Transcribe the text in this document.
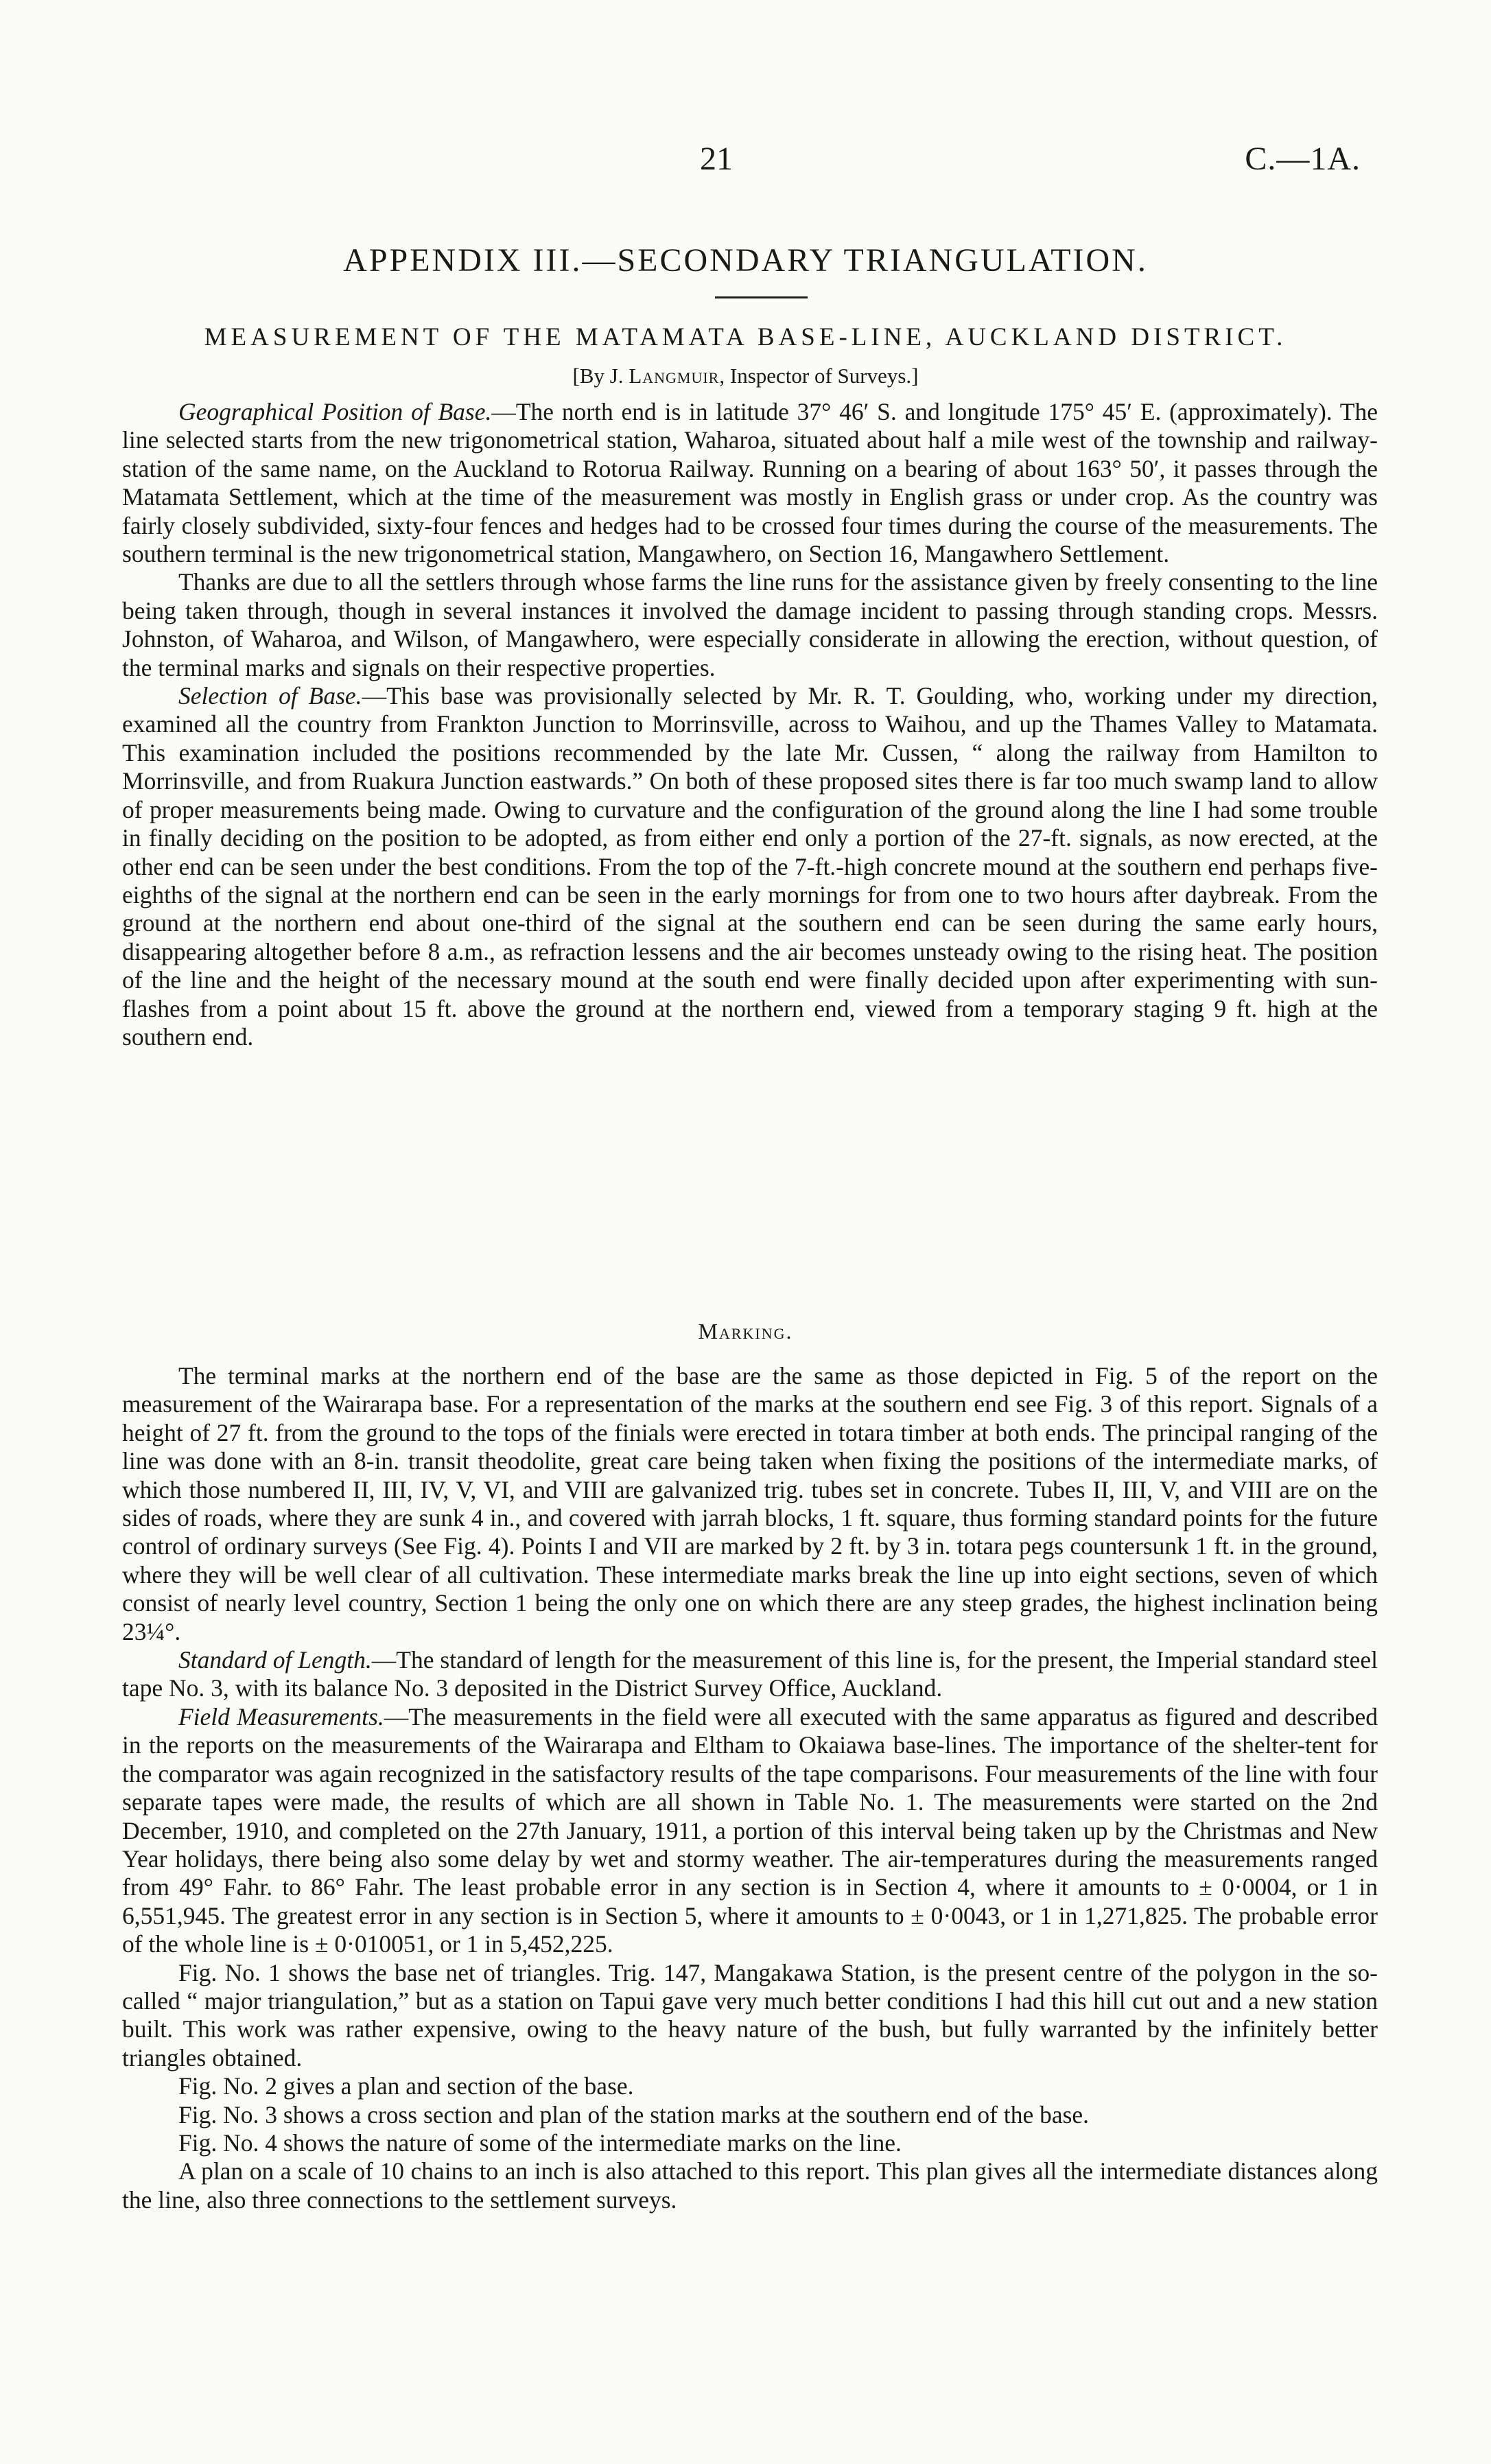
21	C.—1A.
APPENDIX III.—SECONDARY TRIANGULATION.
MEASUREMENT OF THE MATAMATA BASE-LINE, AUCKLAND DISTRICT.
[By J. Langmuir, Inspector of Surveys.]

Geographical Position of Base.—The north end is in latitude 37° 46′ S. and longitude 175° 45′ E. (approximately). The line selected starts from the new trigonometrical station, Waharoa, situated about half a mile west of the township and railway-station of the same name, on the Auckland to Rotorua Railway. Running on a bearing of about 163° 50′, it passes through the Matamata Settlement, which at the time of the measurement was mostly in English grass or under crop. As the country was fairly closely subdivided, sixty-four fences and hedges had to be crossed four times during the course of the measurements. The southern terminal is the new trigonometrical station, Mangawhero, on Section 16, Mangawhero Settlement.

Thanks are due to all the settlers through whose farms the line runs for the assistance given by freely consenting to the line being taken through, though in several instances it involved the damage incident to passing through standing crops. Messrs. Johnston, of Waharoa, and Wilson, of Mangawhero, were especially considerate in allowing the erection, without question, of the terminal marks and signals on their respective properties.

Selection of Base.—This base was provisionally selected by Mr. R. T. Goulding, who, working under my direction, examined all the country from Frankton Junction to Morrinsville, across to Waihou, and up the Thames Valley to Matamata. This examination included the positions recommended by the late Mr. Cussen, “ along the railway from Hamilton to Morrinsville, and from Ruakura Junction eastwards.” On both of these proposed sites there is far too much swamp land to allow of proper measurements being made. Owing to curvature and the configuration of the ground along the line I had some trouble in finally deciding on the position to be adopted, as from either end only a portion of the 27-ft. signals, as now erected, at the other end can be seen under the best conditions. From the top of the 7-ft.-high concrete mound at the southern end perhaps five-eighths of the signal at the northern end can be seen in the early mornings for from one to two hours after daybreak. From the ground at the northern end about one-third of the signal at the southern end can be seen during the same early hours, disappearing altogether before 8 a.m., as refraction lessens and the air becomes unsteady owing to the rising heat. The position of the line and the height of the necessary mound at the south end were finally decided upon after experimenting with sun-flashes from a point about 15 ft. above the ground at the northern end, viewed from a temporary staging 9 ft. high at the southern end.

Marking.

The terminal marks at the northern end of the base are the same as those depicted in Fig. 5 of the report on the measurement of the Wairarapa base. For a representation of the marks at the southern end see Fig. 3 of this report. Signals of a height of 27 ft. from the ground to the tops of the finials were erected in totara timber at both ends. The principal ranging of the line was done with an 8-in. transit theodolite, great care being taken when fixing the positions of the intermediate marks, of which those numbered II, III, IV, V, VI, and VIII are galvanized trig. tubes set in concrete. Tubes II, III, V, and VIII are on the sides of roads, where they are sunk 4 in., and covered with jarrah blocks, 1 ft. square, thus forming standard points for the future control of ordinary surveys (See Fig. 4). Points I and VII are marked by 2 ft. by 3 in. totara pegs countersunk 1 ft. in the ground, where they will be well clear of all cultivation. These intermediate marks break the line up into eight sections, seven of which consist of nearly level country, Section 1 being the only one on which there are any steep grades, the highest inclination being 23¼°.

Standard of Length.—The standard of length for the measurement of this line is, for the present, the Imperial standard steel tape No. 3, with its balance No. 3 deposited in the District Survey Office, Auckland.

Field Measurements.—The measurements in the field were all executed with the same apparatus as figured and described in the reports on the measurements of the Wairarapa and Eltham to Okaiawa base-lines. The importance of the shelter-tent for the comparator was again recognized in the satisfactory results of the tape comparisons. Four measurements of the line with four separate tapes were made, the results of which are all shown in Table No. 1. The measurements were started on the 2nd December, 1910, and completed on the 27th January, 1911, a portion of this interval being taken up by the Christmas and New Year holidays, there being also some delay by wet and stormy weather. The air-temperatures during the measurements ranged from 49° Fahr. to 86° Fahr. The least probable error in any section is in Section 4, where it amounts to ± 0·0004, or 1 in 6,551,945. The greatest error in any section is in Section 5, where it amounts to ± 0·0043, or 1 in 1,271,825. The probable error of the whole line is ± 0·010051, or 1 in 5,452,225.

Fig. No. 1 shows the base net of triangles. Trig. 147, Mangakawa Station, is the present centre of the polygon in the so-called “ major triangulation,” but as a station on Tapui gave very much better conditions I had this hill cut out and a new station built. This work was rather expensive, owing to the heavy nature of the bush, but fully warranted by the infinitely better triangles obtained.

Fig. No. 2 gives a plan and section of the base.

Fig. No. 3 shows a cross section and plan of the station marks at the southern end of the base.

Fig. No. 4 shows the nature of some of the intermediate marks on the line.

A plan on a scale of 10 chains to an inch is also attached to this report. This plan gives all the intermediate distances along the line, also three connections to the settlement surveys.
